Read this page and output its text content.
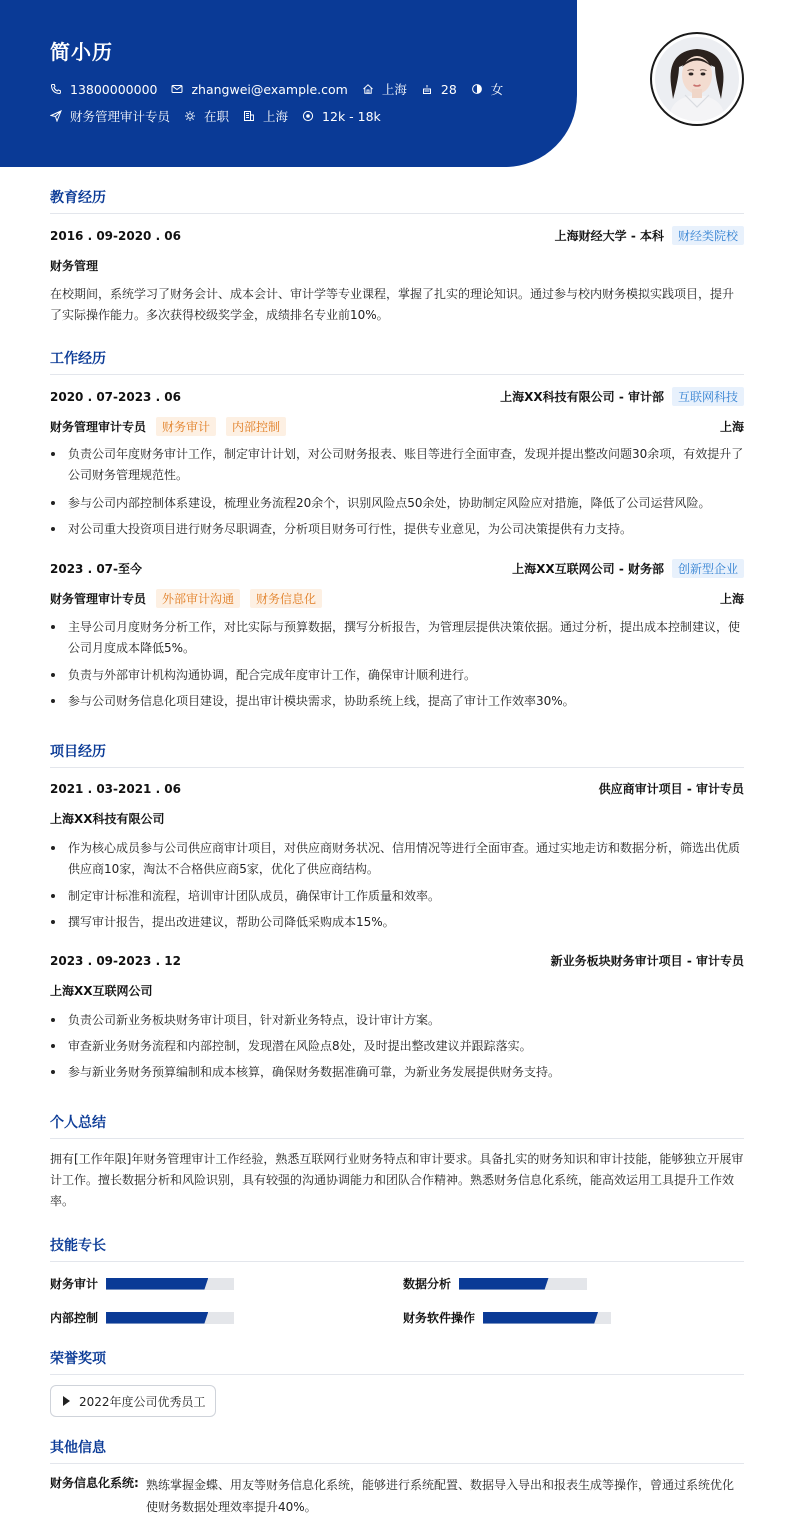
简小历
13800000000	zhangwei@example.com	上海	28	女
财务管理审计专员	在职	上海	12k - 18k
教育经历
2016 . 09-2020 . 06	上海财经大学 - 本科	财经类院校
财务管理
在校期间，系统学习了财务会计、成本会计、审计学等专业课程，掌握了扎实的理论知识。通过参与校内财务模拟实践项目，提升了实际操作能力。多次获得校级奖学金，成绩排名专业前10%。
工作经历
2020 . 07-2023 . 06	上海XX科技有限公司 - 审计部	互联网科技
财务管理审计专员	财务审计	内部控制	上海
负责公司年度财务审计工作，制定审计计划，对公司财务报表、账目等进行全面审查，发现并提出整改问题30余项，有效提升了公司财务管理规范性。
参与公司内部控制体系建设，梳理业务流程20余个，识别风险点50余处，协助制定风险应对措施，降低了公司运营风险。
对公司重大投资项目进行财务尽职调查，分析项目财务可行性，提供专业意见，为公司决策提供有力支持。
2023 . 07-至今	上海XX互联网公司 - 财务部	创新型企业
财务管理审计专员	外部审计沟通	财务信息化	上海
主导公司月度财务分析工作，对比实际与预算数据，撰写分析报告，为管理层提供决策依据。通过分析，提出成本控制建议，使公司月度成本降低5%。
负责与外部审计机构沟通协调，配合完成年度审计工作，确保审计顺利进行。
参与公司财务信息化项目建设，提出审计模块需求，协助系统上线，提高了审计工作效率30%。
项目经历
2021 . 03-2021 . 06	供应商审计项目 - 审计专员
上海XX科技有限公司
作为核心成员参与公司供应商审计项目，对供应商财务状况、信用情况等进行全面审查。通过实地走访和数据分析，筛选出优质供应商10家，淘汰不合格供应商5家，优化了供应商结构。
制定审计标准和流程，培训审计团队成员，确保审计工作质量和效率。
撰写审计报告，提出改进建议，帮助公司降低采购成本15%。
2023 . 09-2023 . 12	新业务板块财务审计项目 - 审计专员
上海XX互联网公司
负责公司新业务板块财务审计项目，针对新业务特点，设计审计方案。
审查新业务财务流程和内部控制，发现潜在风险点8处，及时提出整改建议并跟踪落实。
参与新业务财务预算编制和成本核算，确保财务数据准确可靠，为新业务发展提供财务支持。
个人总结
拥有[工作年限]年财务管理审计工作经验，熟悉互联网行业财务特点和审计要求。具备扎实的财务知识和审计技能，能够独立开展审计工作。擅长数据分析和风险识别，具有较强的沟通协调能力和团队合作精神。熟悉财务信息化系统，能高效运用工具提升工作效率。
技能专长
财务审计	数据分析
内部控制	财务软件操作
荣誉奖项
2022年度公司优秀员工
其他信息
财务信息化系统: 熟练掌握金蝶、用友等财务信息化系统，能够进行系统配置、数据导入导出和报表生成等操作，曾通过系统优化使财务数据处理效率提升40%。
